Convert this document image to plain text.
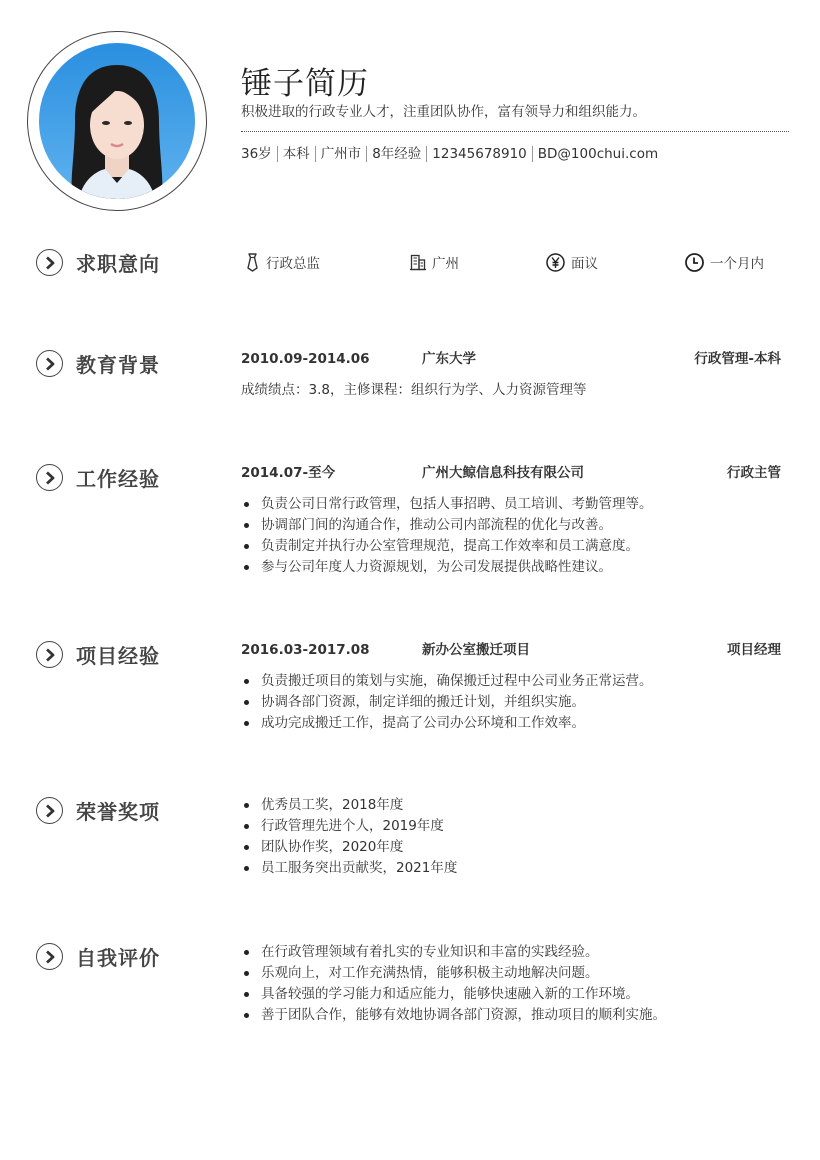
锤子简历
积极进取的行政专业人才，注重团队协作，富有领导力和组织能力。
36岁 本科 广州市 8年经验 12345678910 BD@100chui.com
求职意向	行政总监	广州	面议	一个月内
教育背景	2010.09-2014.06	广东大学	行政管理-本科
成绩绩点：3.8，主修课程：组织行为学、人力资源管理等
工作经验	2014.07-至今	广州大鲸信息科技有限公司	行政主管
负责公司日常行政管理，包括人事招聘、员工培训、考勤管理等。
协调部门间的沟通合作，推动公司内部流程的优化与改善。
负责制定并执行办公室管理规范，提高工作效率和员工满意度。
参与公司年度人力资源规划，为公司发展提供战略性建议。
项目经验	2016.03-2017.08	新办公室搬迁项目	项目经理
负责搬迁项目的策划与实施，确保搬迁过程中公司业务正常运营。
协调各部门资源，制定详细的搬迁计划，并组织实施。
成功完成搬迁工作，提高了公司办公环境和工作效率。
荣誉奖项	优秀员工奖，2018年度
行政管理先进个人，2019年度
团队协作奖，2020年度
员工服务突出贡献奖，2021年度
自我评价	在行政管理领域有着扎实的专业知识和丰富的实践经验。
乐观向上，对工作充满热情，能够积极主动地解决问题。
具备较强的学习能力和适应能力，能够快速融入新的工作环境。
善于团队合作，能够有效地协调各部门资源，推动项目的顺利实施。
